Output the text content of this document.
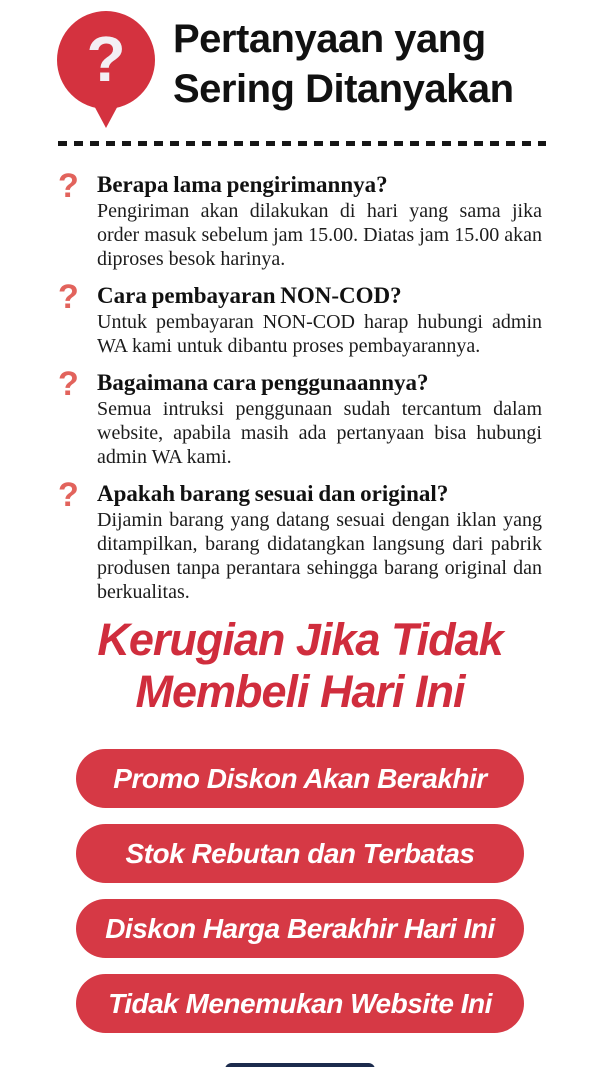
? Pertanyaan yang
Sering Ditanyakan
? Berapa lama pengirimannya?

Pengiriman akan dilakukan di hari yang sama jika order masuk sebelum jam 15.00. Diatas jam 15.00 akan diproses besok harinya.

? Cara pembayaran NON-COD?

Untuk pembayaran NON-COD harap hubungi admin WA kami untuk dibantu proses pembayarannya.

? Bagaimana cara penggunaannya?

Semua intruksi penggunaan sudah tercantum dalam website, apabila masih ada pertanyaan bisa hubungi admin WA kami.

? Apakah barang sesuai dan original?

Dijamin barang yang datang sesuai dengan iklan yang ditampilkan, barang didatangkan langsung dari pabrik produsen tanpa perantara sehingga barang original dan berkualitas.

Kerugian Jika Tidak
Membeli Hari Ini
Promo Diskon Akan Berakhir
Stok Rebutan dan Terbatas
Diskon Harga Berakhir Hari Ini
Tidak Menemukan Website Ini
